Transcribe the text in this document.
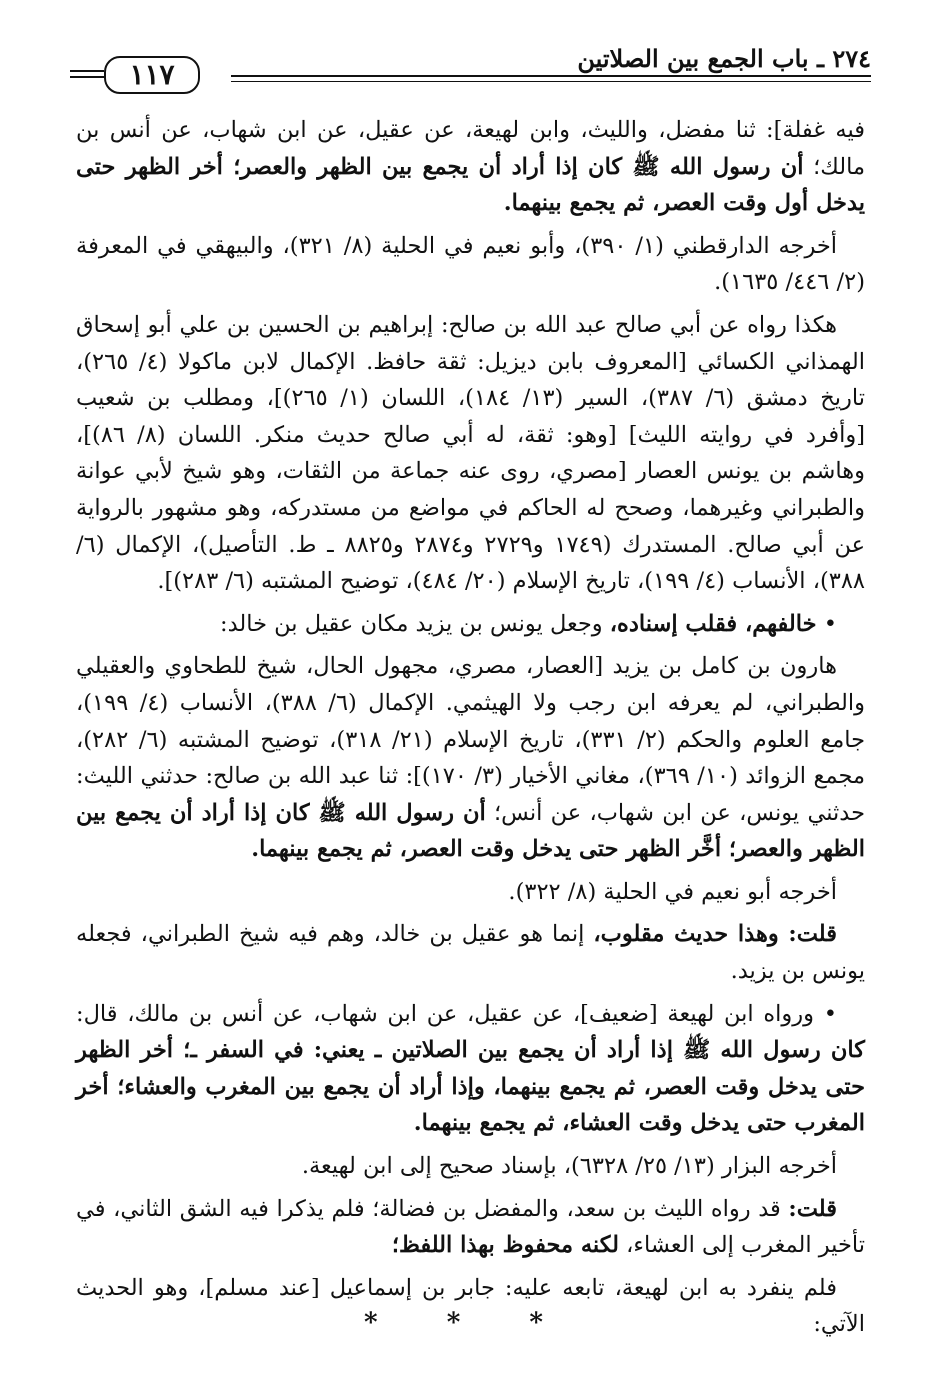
٢٧٤ ـ باب الجمع بين الصلاتين
١١٧

فيه غفلة]: ثنا مفضل، والليث، وابن لهيعة، عن عقيل، عن ابن شهاب، عن أنس بن مالك؛ أن رسول الله ﷺ كان إذا أراد أن يجمع بين الظهر والعصر؛ أخر الظهر حتى يدخل أول وقت العصر، ثم يجمع بينهما.

أخرجه الدارقطني (١/ ٣٩٠)، وأبو نعيم في الحلية (٨/ ٣٢١)، والبيهقي في المعرفة (٢/ ٤٤٦/ ١٦٣٥).

هكذا رواه عن أبي صالح عبد الله بن صالح: إبراهيم بن الحسين بن علي أبو إسحاق الهمذاني الكسائي [المعروف بابن ديزيل: ثقة حافظ. الإكمال لابن ماكولا (٤/ ٢٦٥)، تاريخ دمشق (٦/ ٣٨٧)، السير (١٣/ ١٨٤)، اللسان (١/ ٢٦٥)]، ومطلب بن شعيب [وأفرد في روايته الليث] [وهو: ثقة، له أبي صالح حديث منكر. اللسان (٨/ ٨٦)]، وهاشم بن يونس العصار [مصري، روى عنه جماعة من الثقات، وهو شيخ لأبي عوانة والطبراني وغيرهما، وصحح له الحاكم في مواضع من مستدركه، وهو مشهور بالرواية عن أبي صالح. المستدرك (١٧٤٩ و٢٧٢٩ و٢٨٧٤ و٨٨٢٥ ـ ط. التأصيل)، الإكمال (٦/ ٣٨٨)، الأنساب (٤/ ١٩٩)، تاريخ الإسلام (٢٠/ ٤٨٤)، توضيح المشتبه (٦/ ٢٨٣)].

• خالفهم، فقلب إسناده، وجعل يونس بن يزيد مكان عقيل بن خالد:

هارون بن كامل بن يزيد [العصار، مصري، مجهول الحال، شيخ للطحاوي والعقيلي والطبراني، لم يعرفه ابن رجب ولا الهيثمي. الإكمال (٦/ ٣٨٨)، الأنساب (٤/ ١٩٩)، جامع العلوم والحكم (٢/ ٣٣١)، تاريخ الإسلام (٢١/ ٣١٨)، توضيح المشتبه (٦/ ٢٨٢)، مجمع الزوائد (١٠/ ٣٦٩)، مغاني الأخيار (٣/ ١٧٠)]: ثنا عبد الله بن صالح: حدثني الليث: حدثني يونس، عن ابن شهاب، عن أنس؛ أن رسول الله ﷺ كان إذا أراد أن يجمع بين الظهر والعصر؛ أخَّر الظهر حتى يدخل وقت العصر، ثم يجمع بينهما.

أخرجه أبو نعيم في الحلية (٨/ ٣٢٢).

قلت: وهذا حديث مقلوب، إنما هو عقيل بن خالد، وهم فيه شيخ الطبراني، فجعله يونس بن يزيد.

• ورواه ابن لهيعة [ضعيف]، عن عقيل، عن ابن شهاب، عن أنس بن مالك، قال: كان رسول الله ﷺ إذا أراد أن يجمع بين الصلاتين ـ يعني: في السفر ـ؛ أخر الظهر حتى يدخل وقت العصر، ثم يجمع بينهما، وإذا أراد أن يجمع بين المغرب والعشاء؛ أخر المغرب حتى يدخل وقت العشاء، ثم يجمع بينهما.

أخرجه البزار (١٣/ ٢٥/ ٦٣٢٨)، بإسناد صحيح إلى ابن لهيعة.

قلت: قد رواه الليث بن سعد، والمفضل بن فضالة؛ فلم يذكرا فيه الشق الثاني، في تأخير المغرب إلى العشاء، لكنه محفوظ بهذا اللفظ؛

فلم ينفرد به ابن لهيعة، تابعه عليه: جابر بن إسماعيل [عند مسلم]، وهو الحديث الآتي:

* * *
